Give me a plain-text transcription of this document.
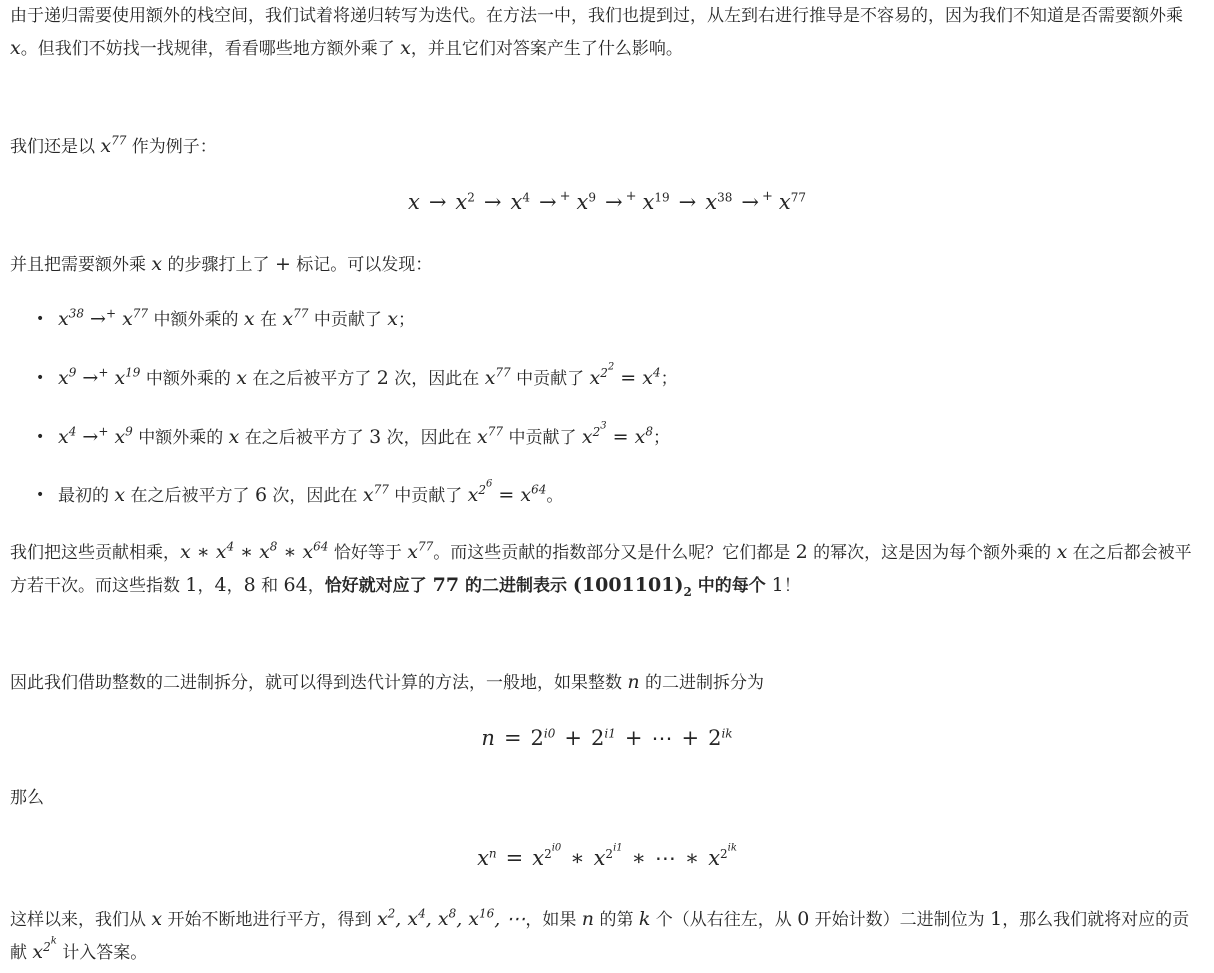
由于递归需要使用额外的栈空间，我们试着将递归转写为迭代。在方法一中，我们也提到过，从左到右进行推导是不容易的，因为我们不知道是否需要额外乘 x。但我们不妨找一找规律，看看哪些地方额外乘了 x，并且它们对答案产生了什么影响。

我们还是以 $x^{77}$ 作为例子：

$x \to x^2 \to x^4 \to ^+$ $x^9 \to ^+$ $x^{19} \to x^{38} \to ^+$ $x^{77}$

并且把需要额外乘 x 的步骤打上了 + 标记。可以发现：

• $x^{38} \to^+$ $x^{77}$ 中额外乘的 x 在 $x^{77}$ 中贡献了 x；
• $x^9 \to^+$ $x^{19}$ 中额外乘的 x 在之后被平方了 2 次，因此在 $x^{77}$ 中贡献了 $x^{2^2} = x^4$；
• $x^4 \to^+$ $x^9$ 中额外乘的 x 在之后被平方了 3 次，因此在 $x^{77}$ 中贡献了 $x^{2^3} = x^8$；
• 最初的 x 在之后被平方了 6 次，因此在 $x^{77}$ 中贡献了 $x^{2^6} = x^{64}$。

我们把这些贡献相乘，x ∗ $x^4$ ∗ $x^8$ ∗ $x^{64}$ 恰好等于 $x^{77}$。而这些贡献的指数部分又是什么呢？它们都是 2 的幂次，这是因为每个额外乘的 x 在之后都会被平方若干次。而这些指数 1，4，8 和 64，恰好就对应了 77 的二进制表示 $(1001101)_2$ 中的每个 1！

因此我们借助整数的二进制拆分，就可以得到迭代计算的方法，一般地，如果整数 n 的二进制拆分为

$n = 2^{i0} + 2^{i1}$ + ⋯ + $2^{ik}$

那么

$x^n = x^{2^{i0}}$ ∗ $x^{2^{i1}}$ ∗ ⋯ ∗ $x^{2^{ik}}$

这样以来，我们从 x 开始不断地进行平方，得到 $x^2$, $x^4$, $x^8$, $x^{16}$, ⋯，如果 n 的第 k 个（从右往左，从 0 开始计数）二进制位为 1，那么我们就将对应的贡献 $x^{2^k}$ 计入答案。
